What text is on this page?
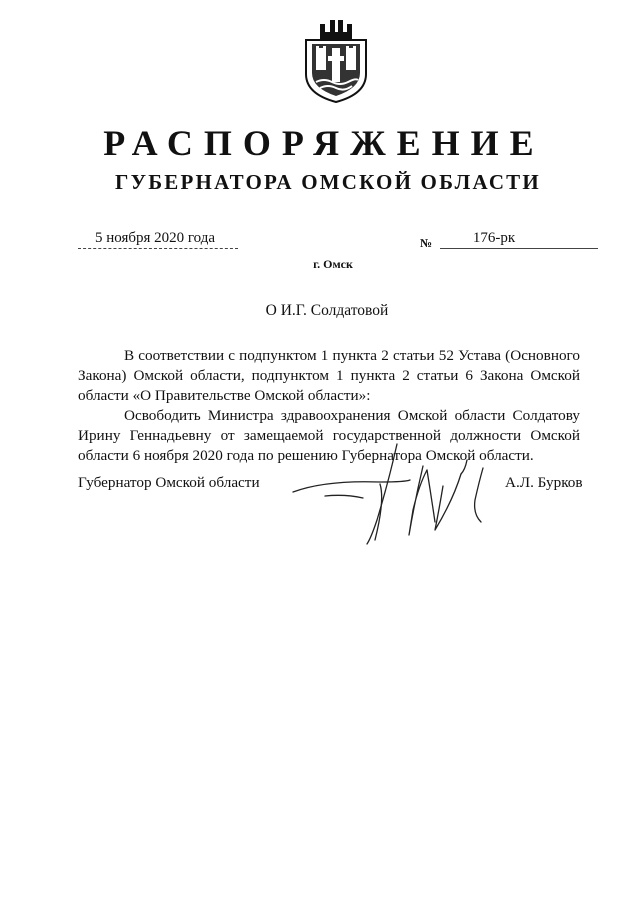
РАСПОРЯЖЕНИЕ
ГУБЕРНАТОРА ОМСКОЙ ОБЛАСТИ
5 ноября 2020 года	№	176-рк
г. Омск
О И.Г. Солдатовой

В соответствии с подпунктом 1 пункта 2 статьи 52 Устава (Основного Закона) Омской области, подпунктом 1 пункта 2 статьи 6 Закона Омской области «О Правительстве Омской области»:

Освободить Министра здравоохранения Омской области Солдатову Ирину Геннадьевну от замещаемой государственной должности Омской области 6 ноября 2020 года по решению Губернатора Омской области.

Губернатор Омской области	А.Л. Бурков
